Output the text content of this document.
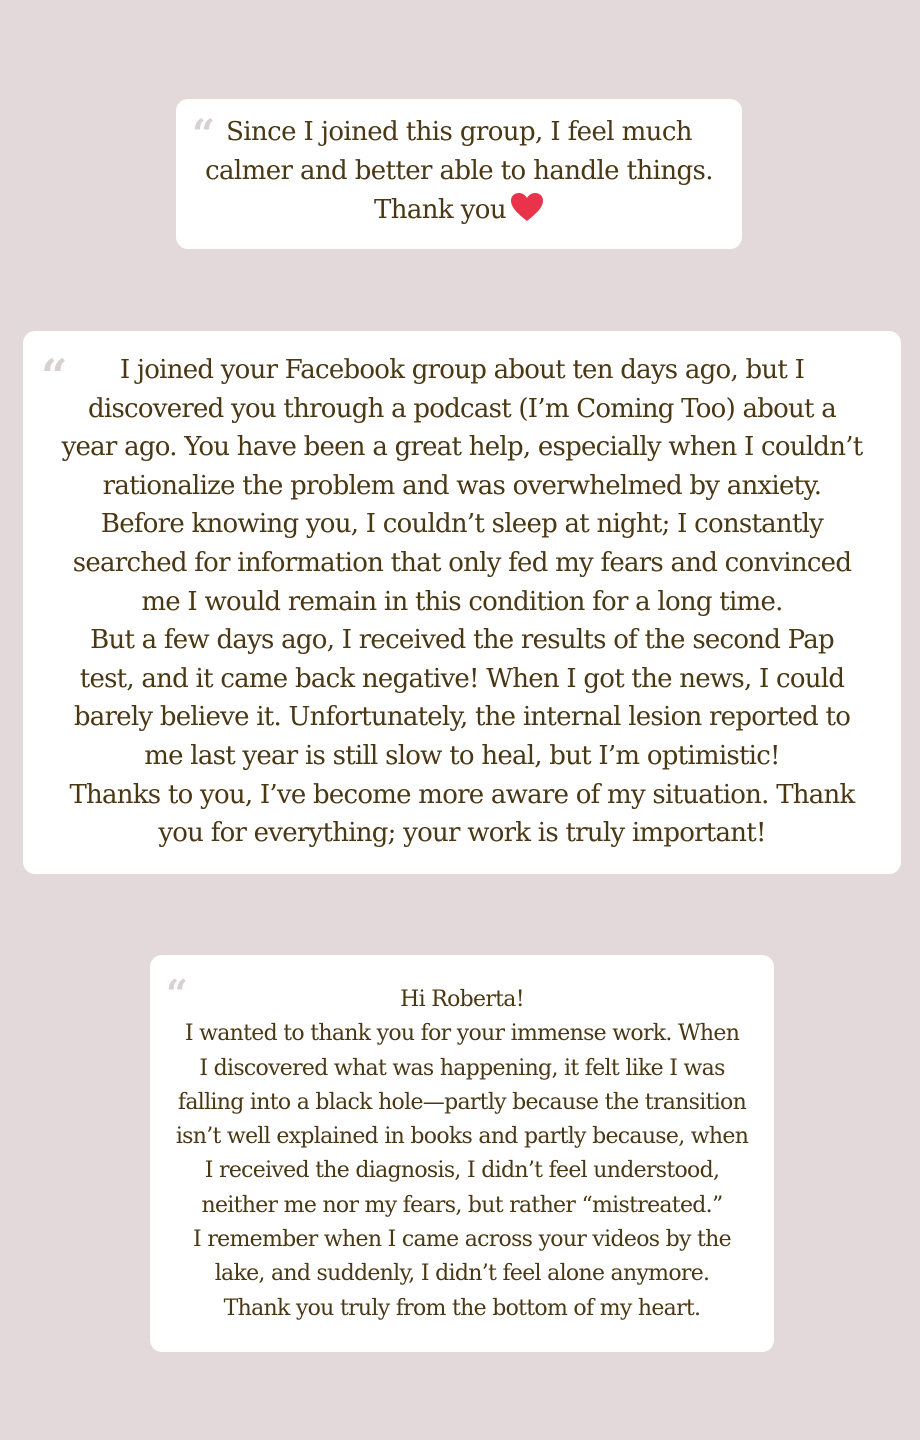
“ Since I joined this group, I feel much
calmer and better able to handle things.
Thank you
“	I joined your Facebook group about ten days ago, but I
discovered you through a podcast (I’m Coming Too) about a
year ago. You have been a great help, especially when I couldn’t
rationalize the problem and was overwhelmed by anxiety.
Before knowing you, I couldn’t sleep at night; I constantly
searched for information that only fed my fears and convinced
me I would remain in this condition for a long time.
But a few days ago, I received the results of the second Pap
test, and it came back negative! When I got the news, I could
barely believe it. Unfortunately, the internal lesion reported to
me last year is still slow to heal, but I’m optimistic!
Thanks to you, I’ve become more aware of my situation. Thank
you for everything; your work is truly important!
“	Hi Roberta!
I wanted to thank you for your immense work. When
I discovered what was happening, it felt like I was
falling into a black hole—partly because the transition
isn’t well explained in books and partly because, when
I received the diagnosis, I didn’t feel understood,
neither me nor my fears, but rather “mistreated.”
I remember when I came across your videos by the
lake, and suddenly, I didn’t feel alone anymore.
Thank you truly from the bottom of my heart.
